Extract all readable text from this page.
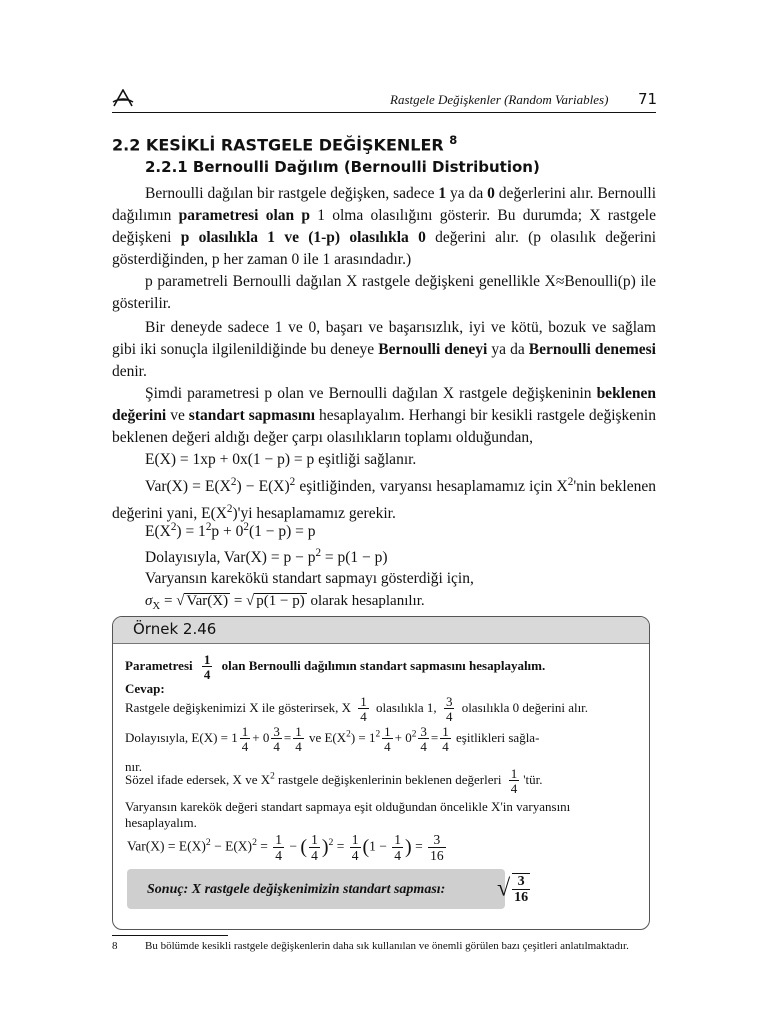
Rastgele Değişkenler (Random Variables) 71
2.2 KESİKLİ RASTGELE DEĞİŞKENLER $^8$
2.2.1 Bernoulli Dağılım (Bernoulli Distribution)
Bernoulli dağılan bir rastgele değişken, sadece 1 ya da 0 değerlerini alır. Bernoulli dağılımın parametresi olan p 1 olma olasılığını gösterir. Bu durumda; X rastgele değişkeni p olasılıkla 1 ve (1-p) olasılıkla 0 değerini alır. (p olasılık değerini gösterdiğinden, p her zaman 0 ile 1 arasındadır.)
p parametreli Bernoulli dağılan X rastgele değişkeni genellikle X≈Benoulli(p) ile gösterilir.
Bir deneyde sadece 1 ve 0, başarı ve başarısızlık, iyi ve kötü, bozuk ve sağlam gibi iki sonuçla ilgilenildiğinde bu deneye Bernoulli deneyi ya da Bernoulli denemesi denir.
Şimdi parametresi p olan ve Bernoulli dağılan X rastgele değişkeninin beklenen değerini ve standart sapmasını hesaplayalım. Herhangi bir kesikli rastgele değişkenin beklenen değeri aldığı değer çarpı olasılıkların toplamı olduğundan,
E(X) = 1xp + 0x(1 − p) = p eşitliği sağlanır.
$Var(X) = E(X^2) - E(X)^2$ eşitliğinden, varyansı hesaplamamız için $X^2'nin$ beklenen değerini yani, $E(X^2)'yi$ hesaplamamız gerekir.
$E(X^2) = 1^2p + 0^2(1 - p) = p$
Dolayısıyla, $Var(X) = p - p^2 = p(1 - p)$
Varyansın karekökü standart sapmayı gösterdiği için,
$\sigma_X$ = √ Var(X) = √ p(1 − p) olarak hesaplanılır.
Örnek 2.46
Parametresi $\frac{1}{4}$ olan Bernoulli dağılımın standart sapmasını hesaplayalım.
Cevap:
Rastgele değişkenimizi X ile gösterirsek, X $\frac{1}{4}$ olasılıkla 1, $\frac{3}{4}$ olasılıkla 0 değerini alır.
Dolayısıyla, $E(X) = 1 \frac{1}{4} + 0 \frac{3}{4} = \frac{1}{4}$ ve $E(X^2) = 1^2 \frac{1}{4} + 0^2 \frac{3}{4} = \frac{1}{4}$ eşitlikleri sağla-
nır.
Sözel ifade edersek, X ve $X^2$ rastgele değişkenlerinin beklenen değerleri $\frac{1}{4}$ 'tür.
Varyansın karekök değeri standart sapmaya eşit olduğundan öncelikle X'in varyansını
hesaplayalım.
$Var(X) = E(X)^2 - E(X)^2 = \frac{1}{4}$ − ( $\frac{1}{4} )^2 = \frac{1}{4} (1 - \frac{1}{4}$ ) = $\frac{3}{16}$
Sonuç: X rastgele değişkenimizin standart sapması: √ $\frac{3}{16}$
8	Bu bölümde kesikli rastgele değişkenlerin daha sık kullanılan ve önemli görülen bazı çeşitleri anlatılmaktadır.
